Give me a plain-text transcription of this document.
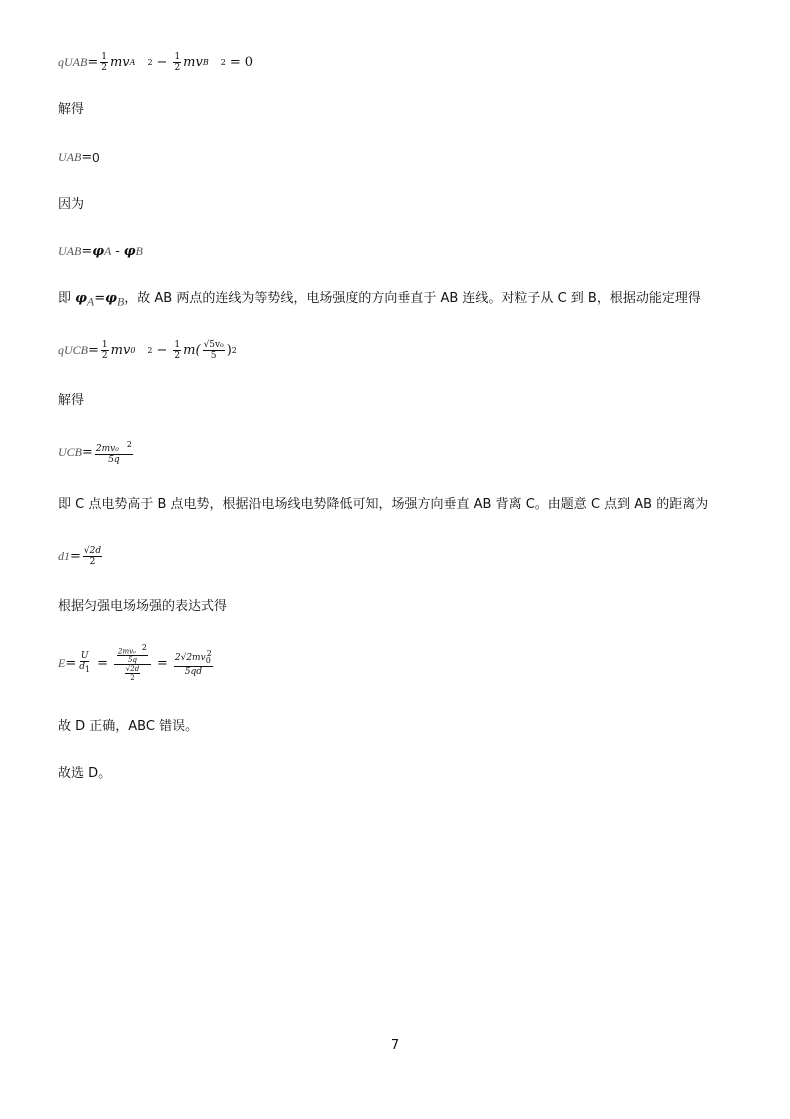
qU AB = $\frac{1}{2}$ mv A $2 - \frac{1}{2}$ mv B 2 = 0
解得
U AB = 0
因为
U AB = φ A - φ B
即 $\varphi_A=\varphi_B$，故 AB 两点的连线为等势线，电场强度的方向垂直于 AB 连线。对粒子从 C 到 B，根据动能定理得
qU CB = $\frac{1}{2}$ mv 0 $2 - \frac{1}{2} m( \frac{\text{√5v₀}}{5}$ ) 2
解得
U CB = $\frac{2mv_0 ^2}{5q}$
即 C 点电势高于 B 点电势，根据沿电场线电势降低可知，场强方向垂直 AB 背离 C。由题意 C 点到 AB 的距离为
d $1 = \frac{√2d}{2}$
根据匀强电场场强的表达式得
$E = \frac{U}{d_1} = \frac{\frac{2mv_0 ^2}{5q}}{\frac{√2d}{2}} = \frac{2√2mv_0^2}{5qd}$
故 D 正确，ABC 错误。
故选 D。
7
